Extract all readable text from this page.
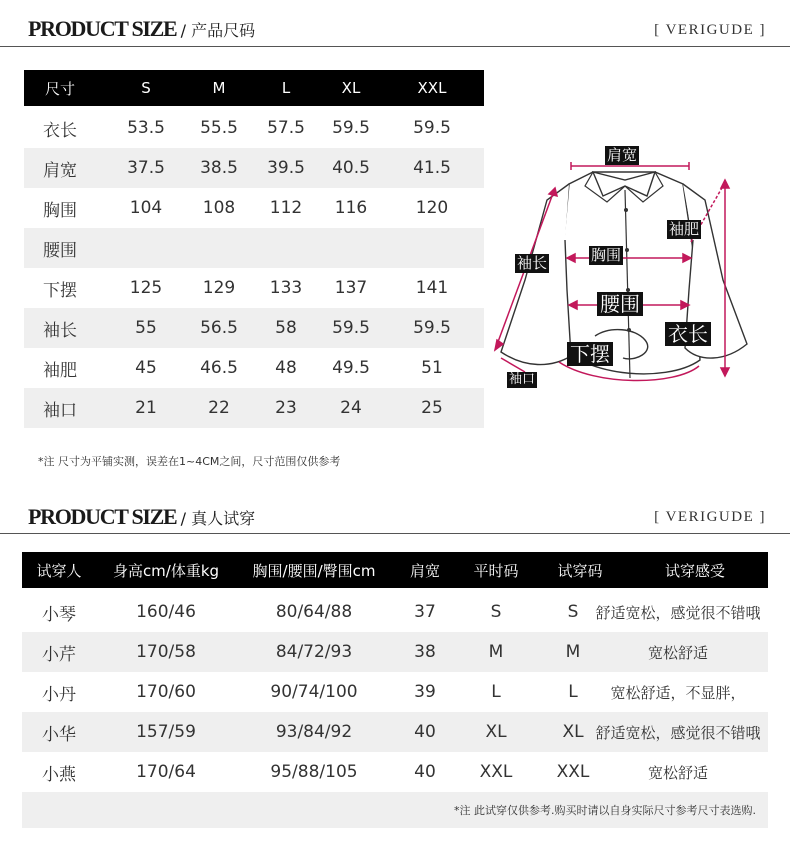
PRODUCT SIZE / 产品尺码	[ VERIGUDE ]
尺寸	S	M	L	XL	XXL
衣长	53.5	55.5	57.5	59.5	59.5
肩宽	37.5	38.5	39.5	40.5	41.5
胸围	104	108	112	116	120
腰围
下摆	125	129	133	137	141
袖长	55	56.5	58	59.5	59.5
袖肥	45	46.5	48	49.5	51
袖口	21	22	23	24	25
*注 尺寸为平铺实测，误差在1~4CM之间，尺寸范围仅供参考
肩宽
袖肥
袖长	胸围
腰围
衣长
下摆
袖口
PRODUCT SIZE / 真人试穿	[ VERIGUDE ]
试穿人	身高cm/体重kg	胸围/腰围/臀围cm	肩宽	平时码	试穿码	试穿感受
小琴	160/46	80/64/88	37	S	S	舒适宽松，感觉很不错哦
小芹	170/58	84/72/93	38	M	M	宽松舒适
小丹	170/60	90/74/100	39	L	L	宽松舒适，不显胖，
小华	157/59	93/84/92	40	XL	XL 舒适宽松，感觉很不错哦
小燕	170/64	95/88/105	40	XXL	XXL	宽松舒适
*注 此试穿仅供参考.购买时请以自身实际尺寸参考尺寸表选购.
